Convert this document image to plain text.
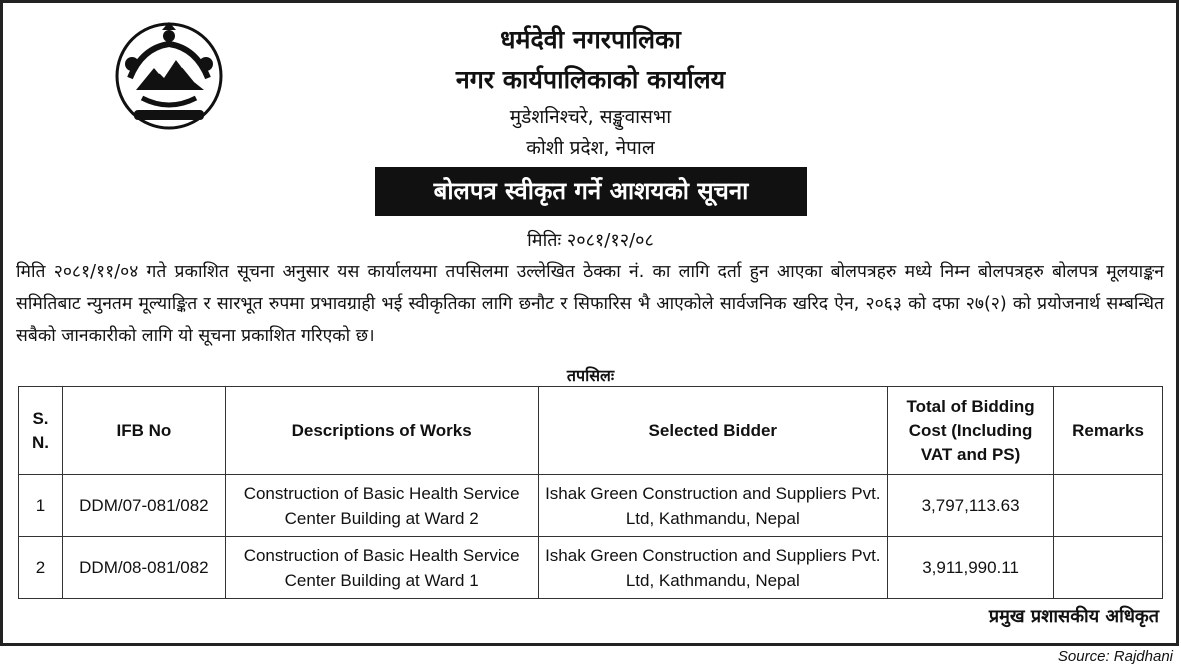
धर्मदेवी नगरपालिका
नगर कार्यपालिकाको कार्यालय
मुडेशनिश्चरे, सङ्खुवासभा
कोशी प्रदेश, नेपाल
बोलपत्र स्वीकृत गर्ने आशयको सूचना
मितिः २०८१/१२/०८
मिति २०८१/११/०४ गते प्रकाशित सूचना अनुसार यस कार्यालयमा तपसिलमा उल्लेखित ठेक्का नं. का लागि दर्ता हुन आएका बोलपत्रहरु मध्ये निम्न बोलपत्रहरु बोलपत्र मूलयाङ्कन समितिबाट न्युनतम मूल्याङ्कित र सारभूत रुपमा प्रभावग्राही भई स्वीकृतिका लागि छनौट र सिफारिस भै आएकोले सार्वजनिक खरिद ऐन, २०६३ को दफा २७(२) को प्रयोजनार्थ सम्बन्धित सबैको जानकारीको लागि यो सूचना प्रकाशित गरिएको छ।
तपसिलः
S. N.	IFB No	Descriptions of Works	Selected Bidder	Total of Bidding Cost (Including VAT and PS)	Remarks
1	DDM/07-081/082	Construction of Basic Health Service Center Building at Ward 2	Ishak Green Construction and Suppliers Pvt. Ltd, Kathmandu, Nepal	3,797,113.63	
2	DDM/08-081/082	Construction of Basic Health Service Center Building at Ward 1	Ishak Green Construction and Suppliers Pvt. Ltd, Kathmandu, Nepal	3,911,990.11	
प्रमुख प्रशासकीय अधिकृत
Source: Rajdhani
